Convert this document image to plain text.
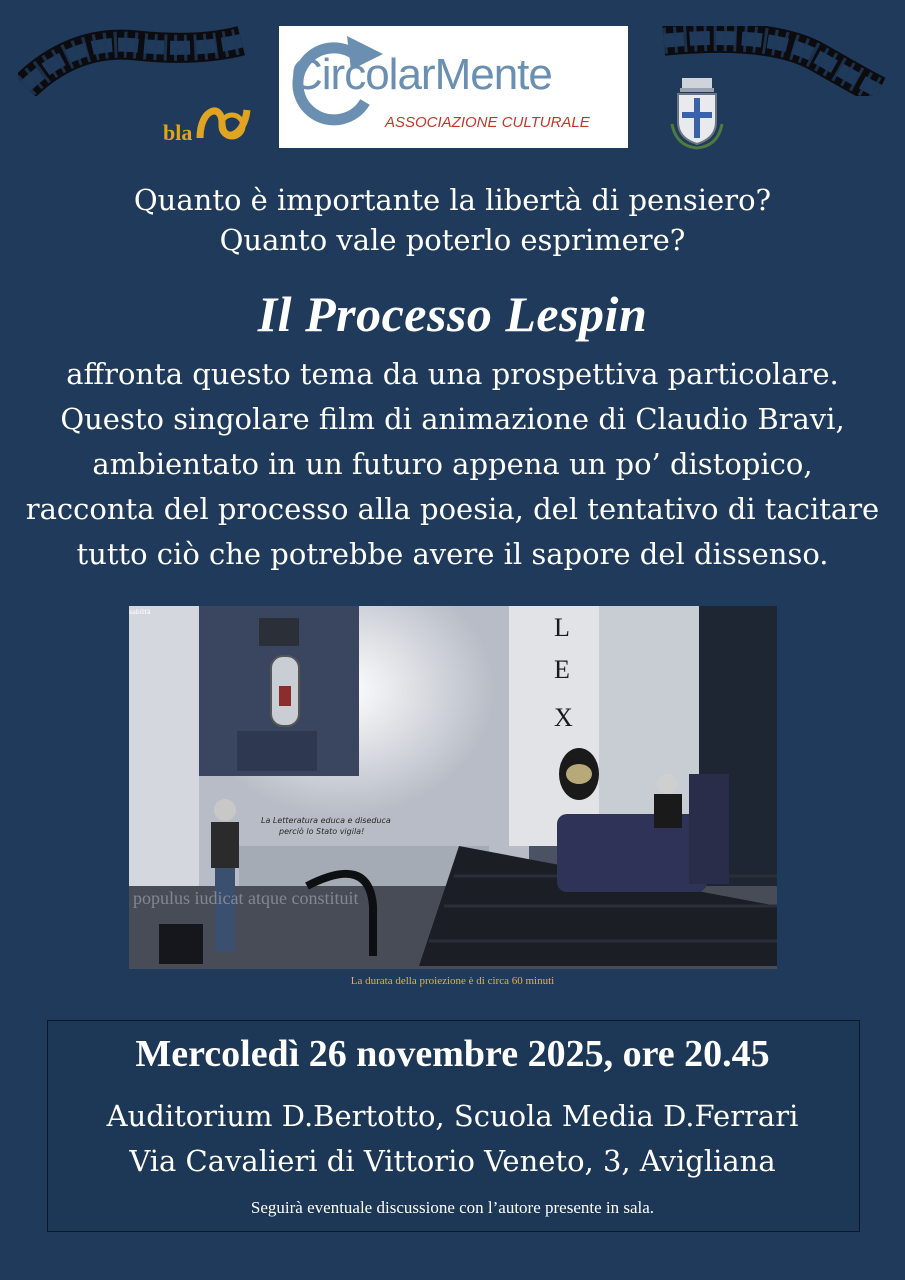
bla
CircolarMente
ASSOCIAZIONE CULTURALE
Quanto è importante la libertà di pensiero?
Quanto vale poterlo esprimere?
Il Processo Lespin
affronta questo tema da una prospettiva particolare.
Questo singolare film di animazione di Claudio Bravi,
ambientato in un futuro appena un po’ distopico,
racconta del processo alla poesia, del tentativo di tacitare
tutto ciò che potrebbe avere il sapore del dissenso.
La Letteratura educa e diseduca
perciò lo Stato vigila!
populus iudicat atque constituit
sabilità
L
E
X
La durata della proiezione è di circa 60 minuti
Mercoledì 26 novembre 2025, ore 20.45
Auditorium D.Bertotto, Scuola Media D.Ferrari
Via Cavalieri di Vittorio Veneto, 3, Avigliana
Seguirà eventuale discussione con l’autore presente in sala.
